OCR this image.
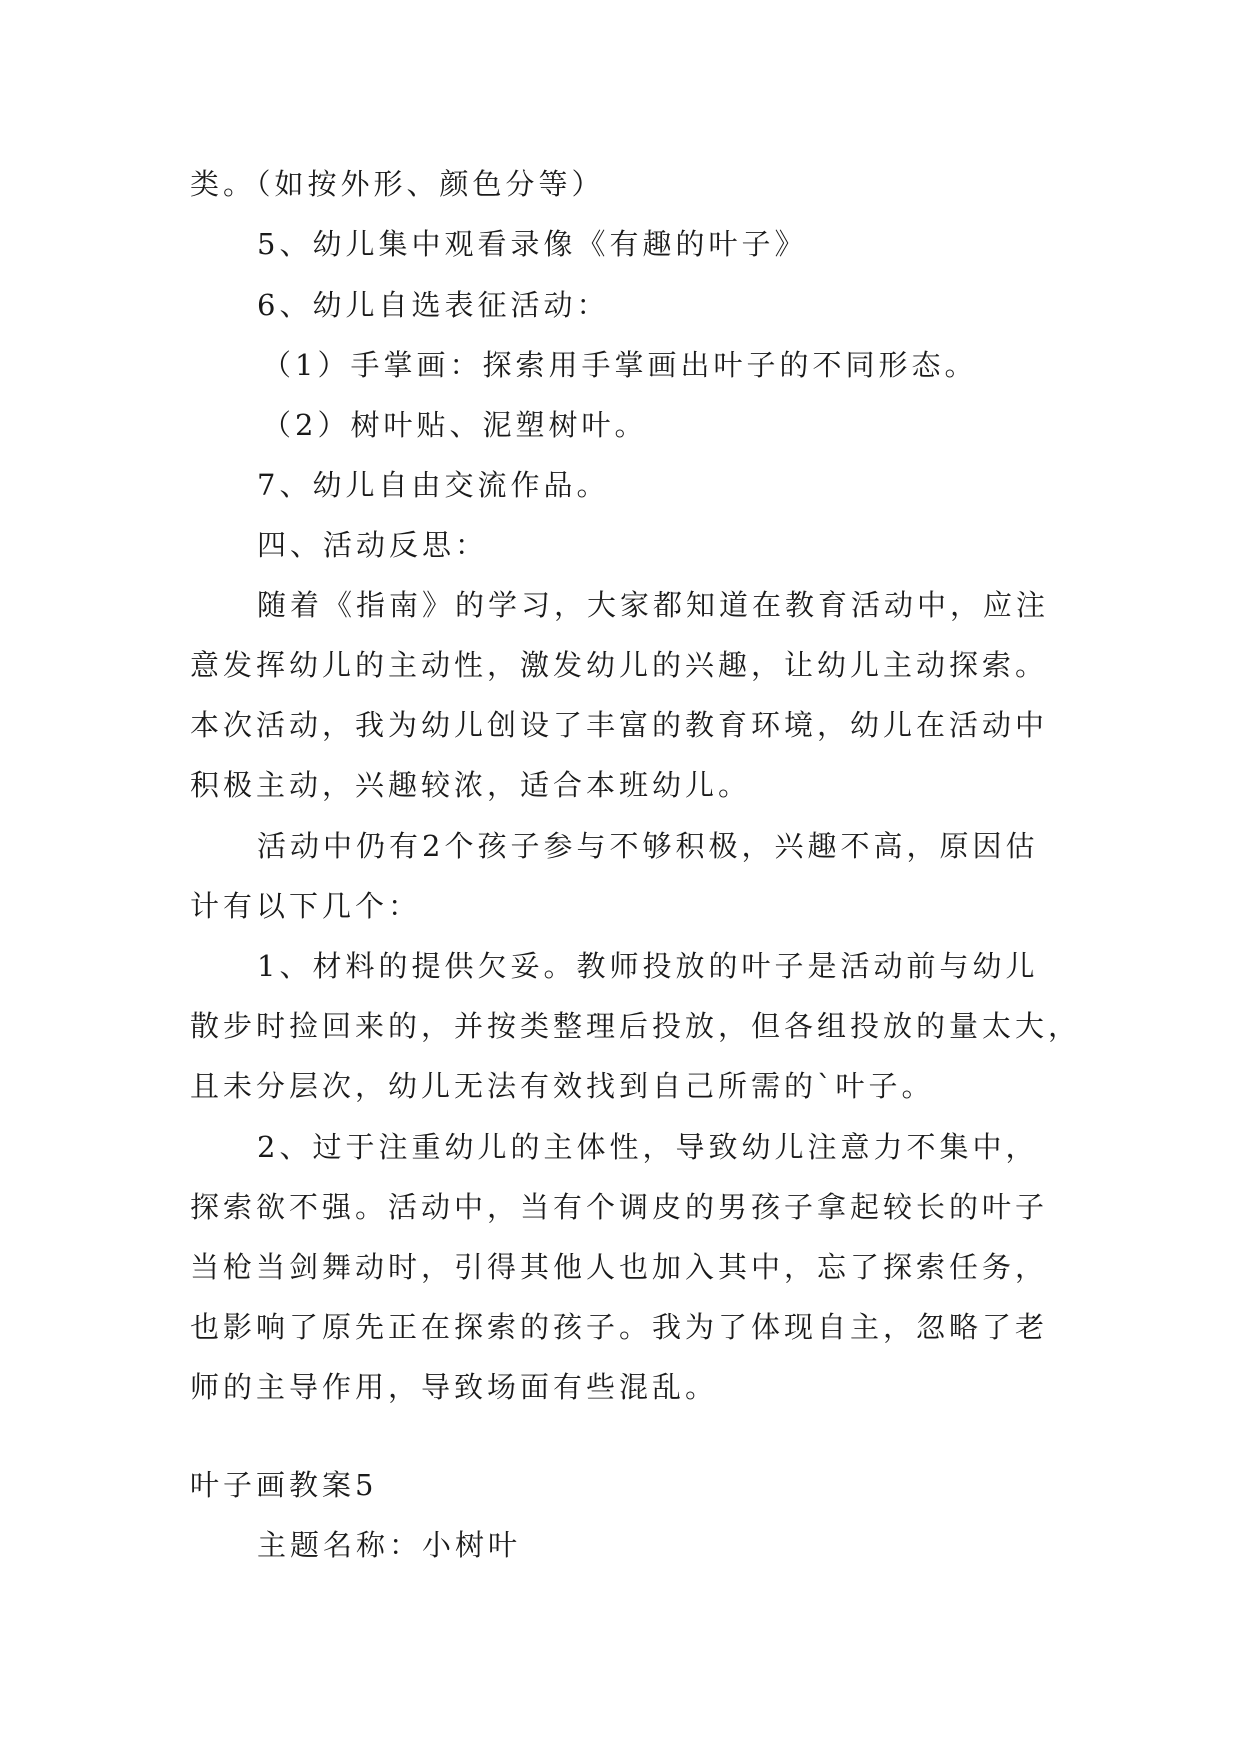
类。（如按外形、颜色分等）
5、幼儿集中观看录像《有趣的叶子》
6、幼儿自选表征活动：
（1）手掌画：探索用手掌画出叶子的不同形态。
（2）树叶贴、泥塑树叶。
7、幼儿自由交流作品。
四、活动反思：
随着《指南》的学习，大家都知道在教育活动中，应注
意发挥幼儿的主动性，激发幼儿的兴趣，让幼儿主动探索。
本次活动，我为幼儿创设了丰富的教育环境，幼儿在活动中
积极主动，兴趣较浓，适合本班幼儿。
活动中仍有2个孩子参与不够积极，兴趣不高，原因估
计有以下几个：
1、材料的提供欠妥。教师投放的叶子是活动前与幼儿
散步时捡回来的，并按类整理后投放，但各组投放的量太大，
且未分层次，幼儿无法有效找到自己所需的`叶子。
2、过于注重幼儿的主体性，导致幼儿注意力不集中，
探索欲不强。活动中，当有个调皮的男孩子拿起较长的叶子
当枪当剑舞动时，引得其他人也加入其中，忘了探索任务，
也影响了原先正在探索的孩子。我为了体现自主，忽略了老
师的主导作用，导致场面有些混乱。
叶子画教案5
主题名称：小树叶
